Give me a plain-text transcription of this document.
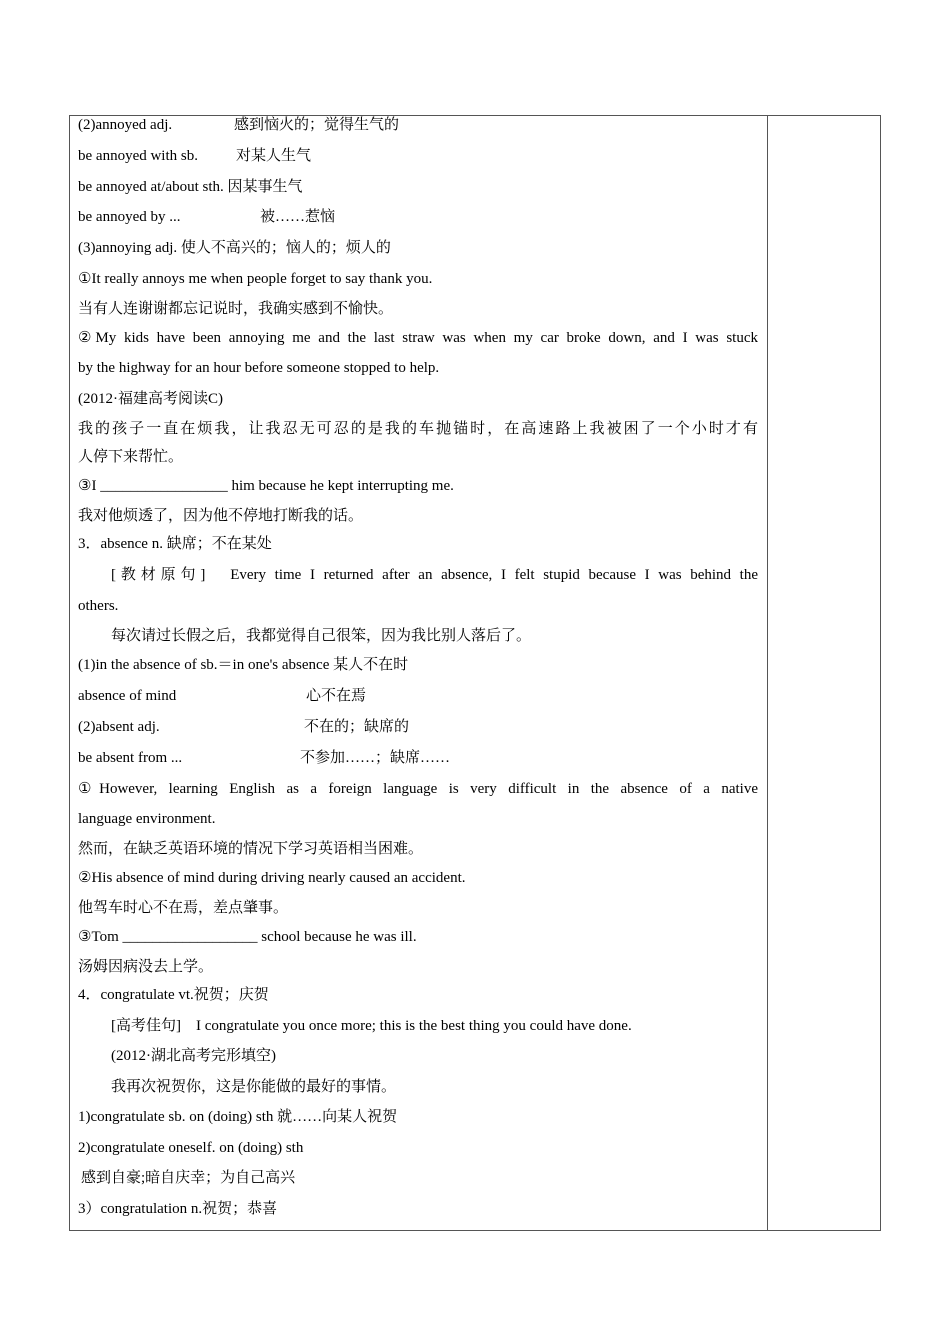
(2)annoyed adj.	感到恼火的；觉得生气的
be annoyed with sb.	对某人生气
be annoyed at/about sth. 因某事生气
be annoyed by ...	被……惹恼
(3)annoying adj. 使人不高兴的；恼人的；烦人的
①It really annoys me when people forget to say thank you.
当有人连谢谢都忘记说时，我确实感到不愉快。
②My kids have been annoying me and the last straw was when my car broke down, and I was stuck
by the highway for an hour before someone stopped to help.
(2012·福建高考阅读C)
我的孩子一直在烦我，让我忍无可忍的是我的车抛锚时，在高速路上我被困了一个小时才有
人停下来帮忙。
③I _________________ him because he kept interrupting me.
我对他烦透了，因为他不停地打断我的话。
3．absence n. 缺席；不在某处
[教材原句]　Every time I returned after an absence, I felt stupid because I was behind the
others.
每次请过长假之后，我都觉得自己很笨，因为我比别人落后了。
(1)in the absence of sb.＝in one's absence 某人不在时
absence of mind	心不在焉
(2)absent adj.	不在的；缺席的
be absent from ...	不参加……；缺席……
①However, learning English as a foreign language is very difficult in the absence of a native
language environment.
然而，在缺乏英语环境的情况下学习英语相当困难。
②His absence of mind during driving nearly caused an accident.
他驾车时心不在焉，差点肇事。
③Tom __________________ school because he was ill.
汤姆因病没去上学。
4．congratulate vt.祝贺；庆贺
[高考佳句]　I congratulate you once more; this is the best thing you could have done.
(2012·湖北高考完形填空)
我再次祝贺你，这是你能做的最好的事情。
1)congratulate sb. on (doing) sth 就……向某人祝贺
2)congratulate oneself. on (doing) sth
感到自豪;暗自庆幸；为自己高兴
3）congratulation n.祝贺；恭喜
